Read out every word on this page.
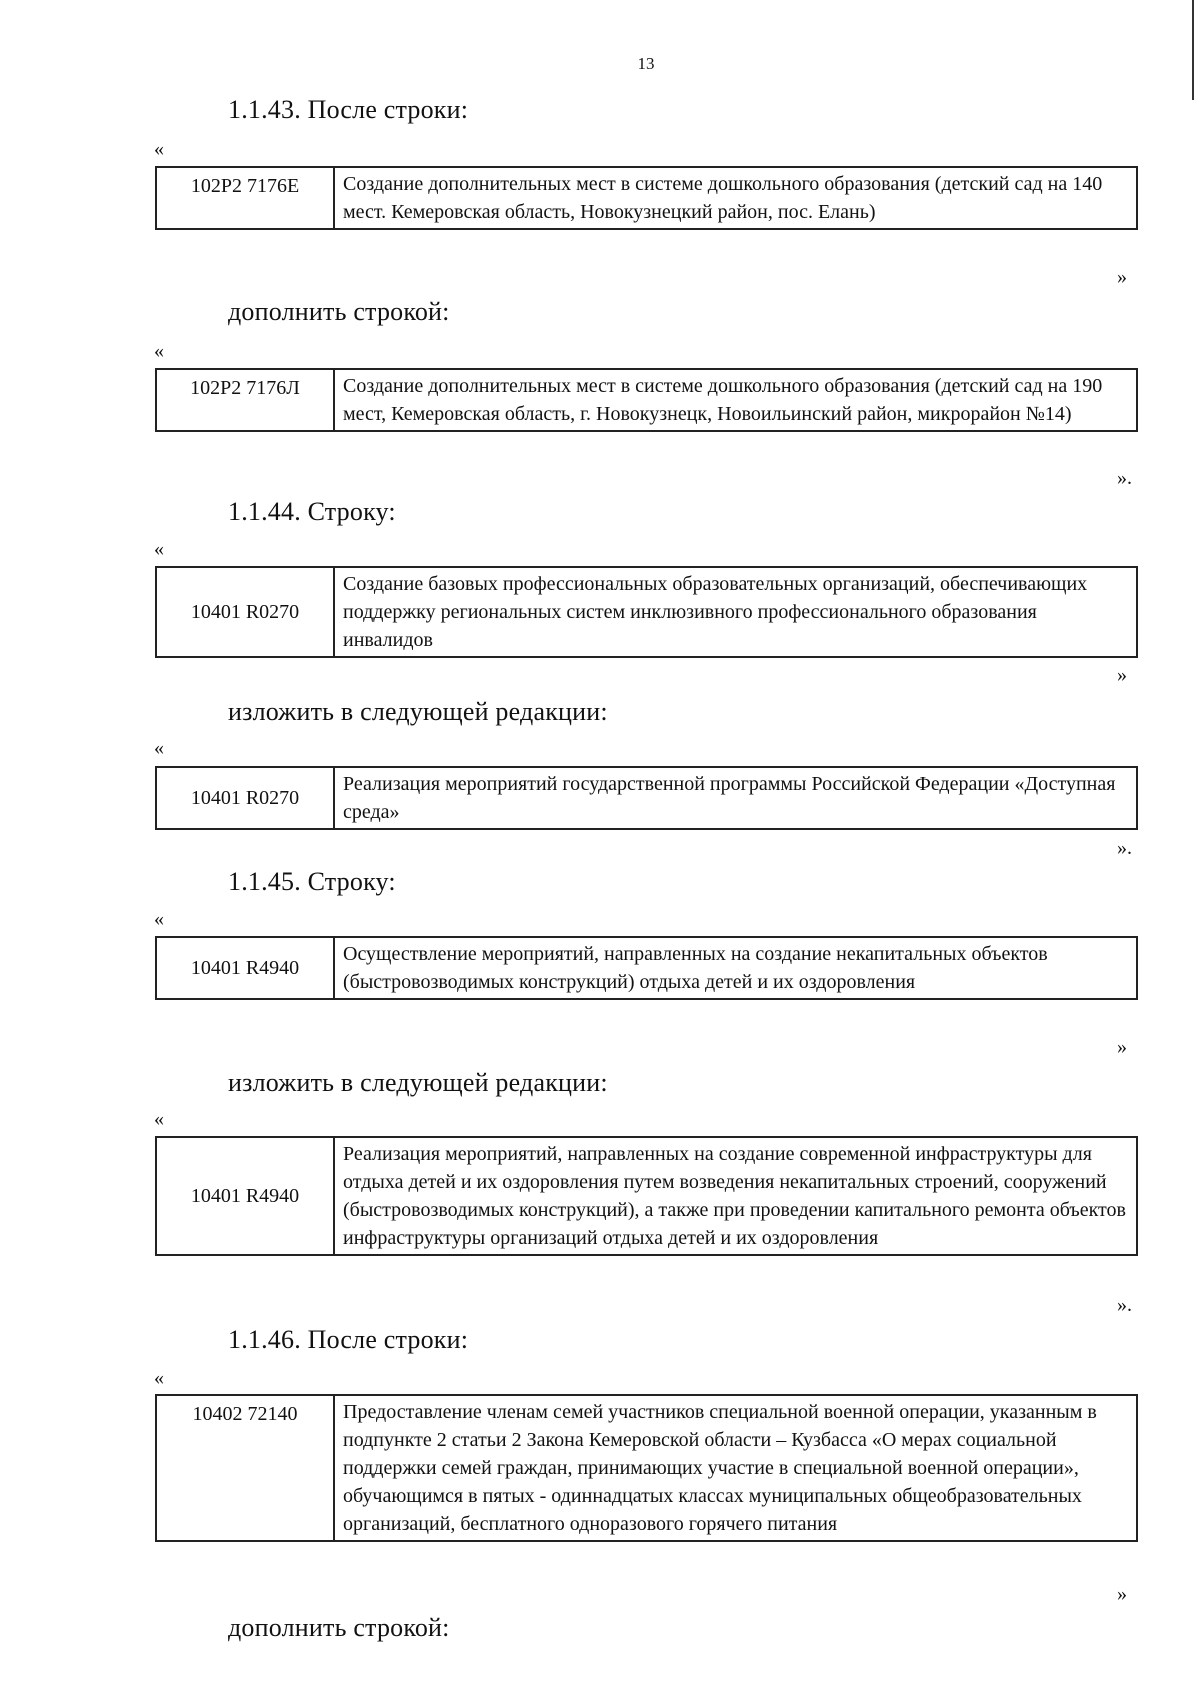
13
1.1.43. После строки:
«
102P2 7176Е	Создание дополнительных мест в системе дошкольного образования (детский сад на 140 мест. Кемеровская область, Новокузнецкий район, пос. Елань)
»
дополнить строкой:
«
102P2 7176Л	Создание дополнительных мест в системе дошкольного образования (детский сад на 190 мест, Кемеровская область, г. Новокузнецк, Новоильинский район, микрорайон №14)
».
1.1.44. Строку:
«
10401 R0270	Создание базовых профессиональных образовательных организаций, обеспечивающих поддержку региональных систем инклюзивного профессионального образования инвалидов
»
изложить в следующей редакции:
«
10401 R0270	Реализация мероприятий государственной программы Российской Федерации «Доступная среда»
».
1.1.45. Строку:
«
10401 R4940	Осуществление мероприятий, направленных на создание некапитальных объектов (быстровозводимых конструкций) отдыха детей и их оздоровления
»
изложить в следующей редакции:
«
10401 R4940	Реализация мероприятий, направленных на создание современной инфраструктуры для отдыха детей и их оздоровления путем возведения некапитальных строений, сооружений (быстровозводимых конструкций), а также при проведении капитального ремонта объектов инфраструктуры организаций отдыха детей и их оздоровления
».
1.1.46. После строки:
«
10402 72140	Предоставление членам семей участников специальной военной операции, указанным в подпункте 2 статьи 2 Закона Кемеровской области – Кузбасса «О мерах социальной поддержки семей граждан, принимающих участие в специальной военной операции», обучающимся в пятых - одиннадцатых классах муниципальных общеобразовательных организаций, бесплатного одноразового горячего питания
»
дополнить строкой:
